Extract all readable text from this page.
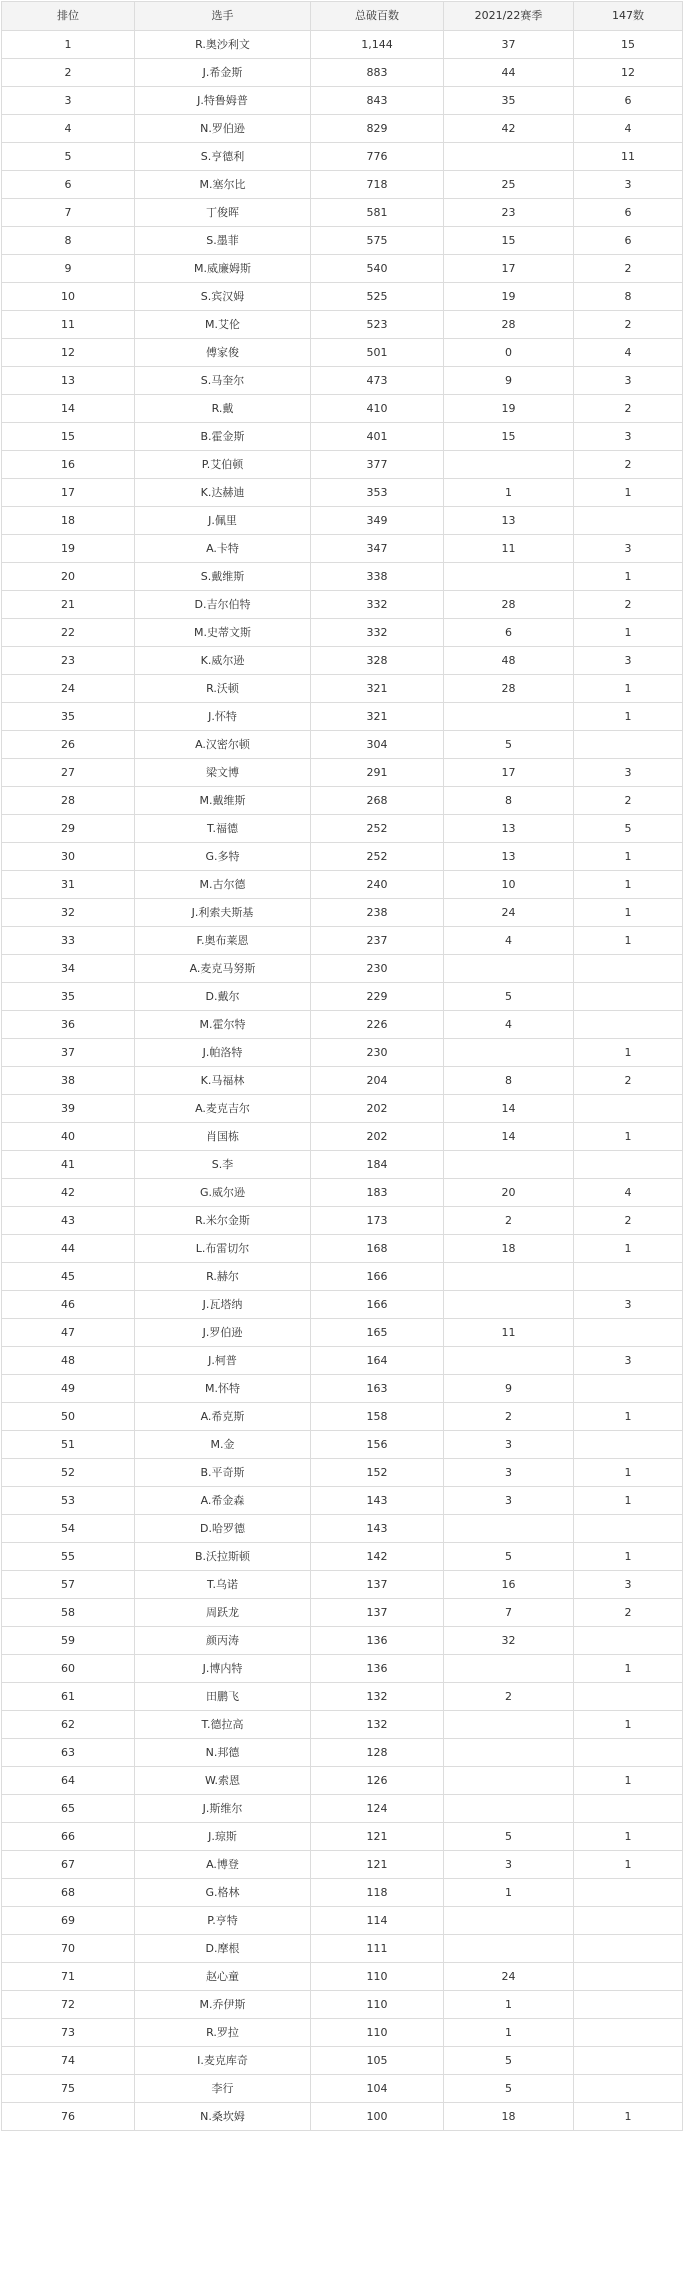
排位	选手	总破百数	2021/22赛季	147数
1	R.奥沙利文	1,144	37	15
2	J.希金斯	883	44	12
3	J.特鲁姆普	843	35	6
4	N.罗伯逊	829	42	4
5	S.亨德利	776		11
6	M.塞尔比	718	25	3
7	丁俊晖	581	23	6
8	S.墨菲	575	15	6
9	M.威廉姆斯	540	17	2
10	S.宾汉姆	525	19	8
11	M.艾伦	523	28	2
12	傅家俊	501	0	4
13	S.马奎尔	473	9	3
14	R.戴	410	19	2
15	B.霍金斯	401	15	3
16	P.艾伯顿	377		2
17	K.达赫迪	353	1	1
18	J.佩里	349	13	
19	A.卡特	347	11	3
20	S.戴维斯	338		1
21	D.吉尔伯特	332	28	2
22	M.史蒂文斯	332	6	1
23	K.威尔逊	328	48	3
24	R.沃顿	321	28	1
35	J.怀特	321		1
26	A.汉密尔顿	304	5	
27	梁文博	291	17	3
28	M.戴维斯	268	8	2
29	T.福德	252	13	5
30	G.多特	252	13	1
31	M.古尔德	240	10	1
32	J.利索夫斯基	238	24	1
33	F.奥布莱恩	237	4	1
34	A.麦克马努斯	230		
35	D.戴尔	229	5	
36	M.霍尔特	226	4	
37	J.帕洛特	230		1
38	K.马福林	204	8	2
39	A.麦克吉尔	202	14	
40	肖国栋	202	14	1
41	S.李	184		
42	G.威尔逊	183	20	4
43	R.米尔金斯	173	2	2
44	L.布雷切尔	168	18	1
45	R.赫尔	166		
46	J.瓦塔纳	166		3
47	J.罗伯逊	165	11	
48	J.柯普	164		3
49	M.怀特	163	9	
50	A.希克斯	158	2	1
51	M.金	156	3	
52	B.平奇斯	152	3	1
53	A.希金森	143	3	1
54	D.哈罗德	143		
55	B.沃拉斯顿	142	5	1
57	T.乌诺	137	16	3
58	周跃龙	137	7	2
59	颜丙涛	136	32	
60	J.博内特	136		1
61	田鹏飞	132	2	
62	T.德拉高	132		1
63	N.邦德	128		
64	W.索恩	126		1
65	J.斯维尔	124		
66	J.琼斯	121	5	1
67	A.博登	121	3	1
68	G.格林	118	1	
69	P.亨特	114		
70	D.摩根	111		
71	赵心童	110	24	
72	M.乔伊斯	110	1	
73	R.罗拉	110	1	
74	I.麦克库奇	105	5	
75	李行	104	5	
76	N.桑坎姆	100	18	1
